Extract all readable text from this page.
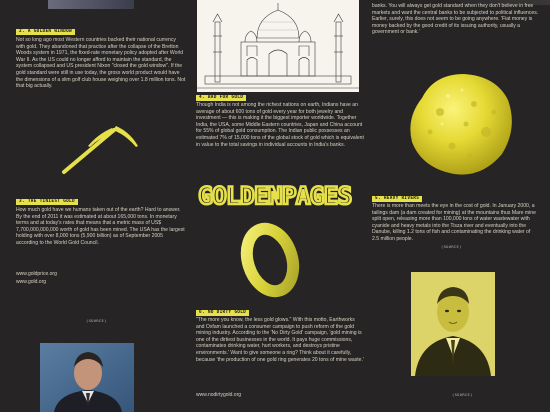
2. A GOLDEN WINDOW
Not so long ago most Western countries backed their national currency with gold. They abandoned that practice after the collapse of the Bretton Woods system in 1971, the fixed-rate monetary policy adopted after World War II. As the US could no longer afford to maintain the standard, the system collapsed and US president Nixon "closed the gold window". If the gold standard were still in use today, the gross world product would have the dimensions of a slim golf club house weighing over 1.8 million tons. Not that big actually.
3. THE TINIEST GOLD
How much gold have we humans taken out of the earth? Hard to answer. By the end of 2011 it was estimated at about 165,000 tons. In monetary terms and at today's rates that means that a metric mass of US$ 7,700,000,000,000 worth of gold has been mined. The USA has the largest holding with over 8,000 tons (5,900 billion) as of September 2005 according to the World Gold Council.
www.goldprice.org
www.gold.org
(SOURCE)
4. BAD FOR GOLD
Though India is not among the richest nations on earth, Indians have an average of about 600 tons of gold every year for both jewelry and investment — this is making it the biggest importer worldwide. Together India, the USA, some Middle Eastern countries, Japan and China account for 55% of global gold consumption. The Indian public possesses an estimated 7% of 15,000 tons of the global stock of gold which is equivalent in value to the total savings in individual accounts in India's banks.
GOLDENPAGES
6. NO DIRTY GOLD
"The more you know, the less gold glows." With this motto, Earthworks and Oxfam launched a consumer campaign to push reform of the gold mining industry. According to the 'No Dirty Gold' campaign, 'gold mining is one of the dirtiest businesses in the world. It pays huge commissions, contaminates drinking water, hurt workers, and destroys pristine environments.' Want to give someone a ring? Think about it carefully, because 'the production of one gold ring generates 20 tons of mine waste.'
www.nodirtygold.org
banks. You will always get gold standard when they don't believe in free markets and want the central banks to be subjected to political influences. Earlier, surely, this does not seem to be going anywhere. 'Fiat money is money backed by the good credit of its issuing authority, usually a government or bank.'
5. HEAVY RIVERS
There is more than meets the eye in the cost of gold. In January 2000, a tailings dam (a dam created for mining) at the mountains thus Mare mine split open, releasing more than 100,000 tons of water wastewater with cyanide and heavy metals into the Tisza river and eventually into the Danube, killing 1.2 tons of fish and contaminating the drinking water of 2.5 million people.
(SOURCE)
(SOURCE)
